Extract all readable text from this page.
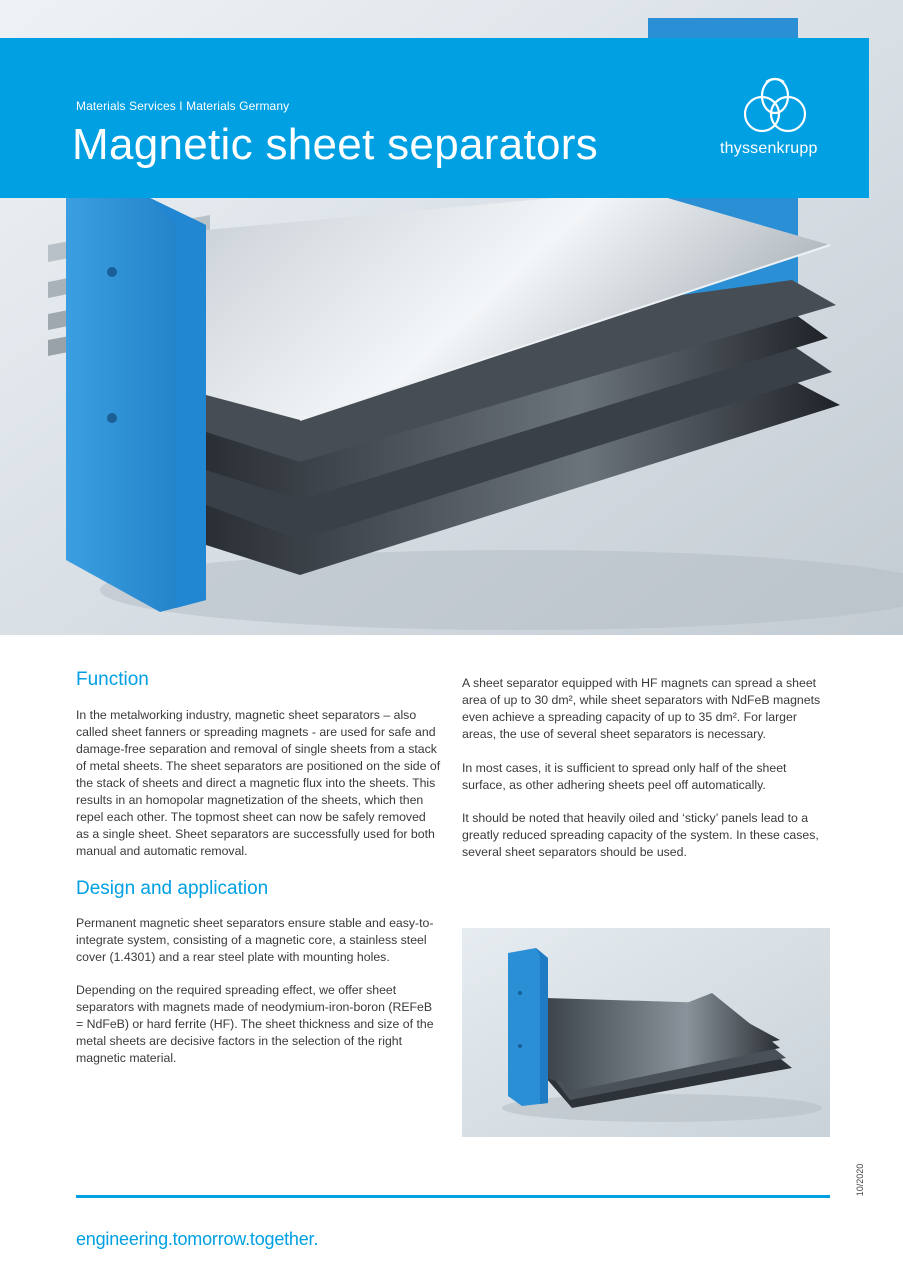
Materials Services I Materials Germany
Magnetic sheet separators	thyssenkrupp
Function

In the metalworking industry, magnetic sheet separators – also called sheet fanners or spreading magnets - are used for safe and damage-free separation and removal of single sheets from a stack of metal sheets. The sheet separators are positioned on the side of the stack of sheets and direct a magnetic flux into the sheets. This results in an homopolar magnetization of the sheets, which then repel each other. The topmost sheet can now be safely removed as a single sheet. Sheet separators are successfully used for both manual and automatic removal.

Design and application

Permanent magnetic sheet separators ensure stable and easy-to-integrate system, consisting of a magnetic core, a stainless steel cover (1.4301) and a rear steel plate with mounting holes.

Depending on the required spreading effect, we offer sheet separators with magnets made of neodymium-iron-boron (REFeB = NdFeB) or hard ferrite (HF). The sheet thickness and size of the metal sheets are decisive factors in the selection of the right magnetic material.

A sheet separator equipped with HF magnets can spread a sheet area of up to 30 dm², while sheet separators with NdFeB magnets even achieve a spreading capacity of up to 35 dm². For larger areas, the use of several sheet separators is necessary.

In most cases, it is sufficient to spread only half of the sheet surface, as other adhering sheets peel off automatically.

It should be noted that heavily oiled and ‘sticky’ panels lead to a greatly reduced spreading capacity of the system. In these cases, several sheet separators should be used.

10/2020
engineering.tomorrow.together.
